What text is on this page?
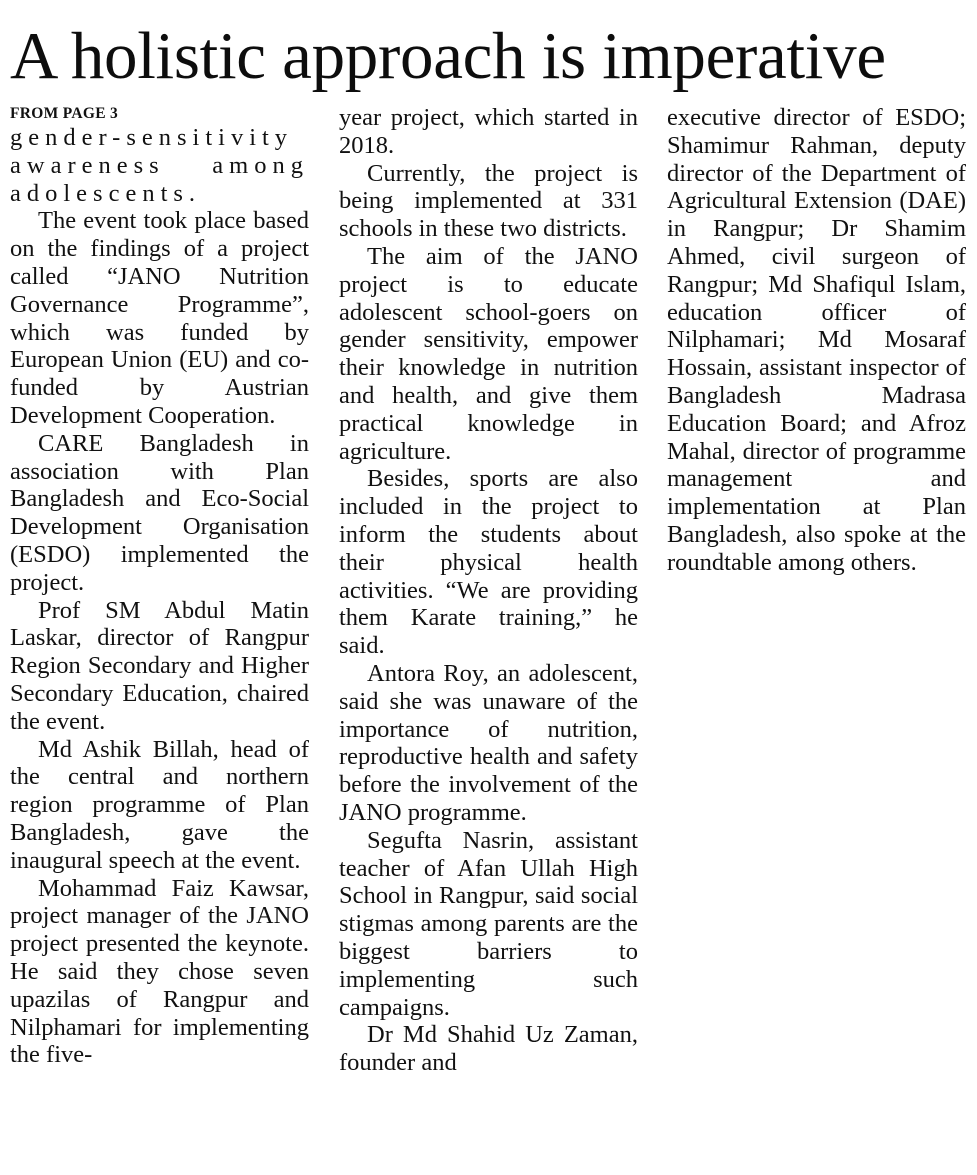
A holistic approach is imperative
FROM PAGE 3

gender-sensitivity awareness among adolescents.

The event took place based on the findings of a project called “JANO Nutrition Governance Programme”, which was funded by European Union (EU) and co-funded by Austrian Development Cooperation.

CARE Bangladesh in association with Plan Bangladesh and Eco-Social Development Organisation (ESDO) implemented the project.

Prof SM Abdul Matin Laskar, director of Rangpur Region Secondary and Higher Secondary Education, chaired the event.

Md Ashik Billah, head of the central and northern region programme of Plan Bangladesh, gave the inaugural speech at the event.

Mohammad Faiz Kawsar, project manager of the JANO project presented the keynote. He said they chose seven upazilas of Rangpur and Nilphamari for implementing the five-

year project, which started in 2018.

Currently, the project is being implemented at 331 schools in these two districts.

The aim of the JANO project is to educate adolescent school-goers on gender sensitivity, empower their knowledge in nutrition and health, and give them practical knowledge in agriculture.

Besides, sports are also included in the project to inform the students about their physical health activities. “We are providing them Karate training,” he said.

Antora Roy, an adolescent, said she was unaware of the importance of nutrition, reproductive health and safety before the involvement of the JANO programme.

Segufta Nasrin, assistant teacher of Afan Ullah High School in Rangpur, said social stigmas among parents are the biggest barriers to implementing such campaigns.

Dr Md Shahid Uz Zaman, founder and

executive director of ESDO; Shamimur Rahman, deputy director of the Department of Agricultural Extension (DAE) in Rangpur; Dr Shamim Ahmed, civil surgeon of Rangpur; Md Shafiqul Islam, education officer of Nilphamari; Md Mosaraf Hossain, assistant inspector of Bangladesh Madrasa Education Board; and Afroz Mahal, director of programme management and implementation at Plan Bangladesh, also spoke at the roundtable among others.
